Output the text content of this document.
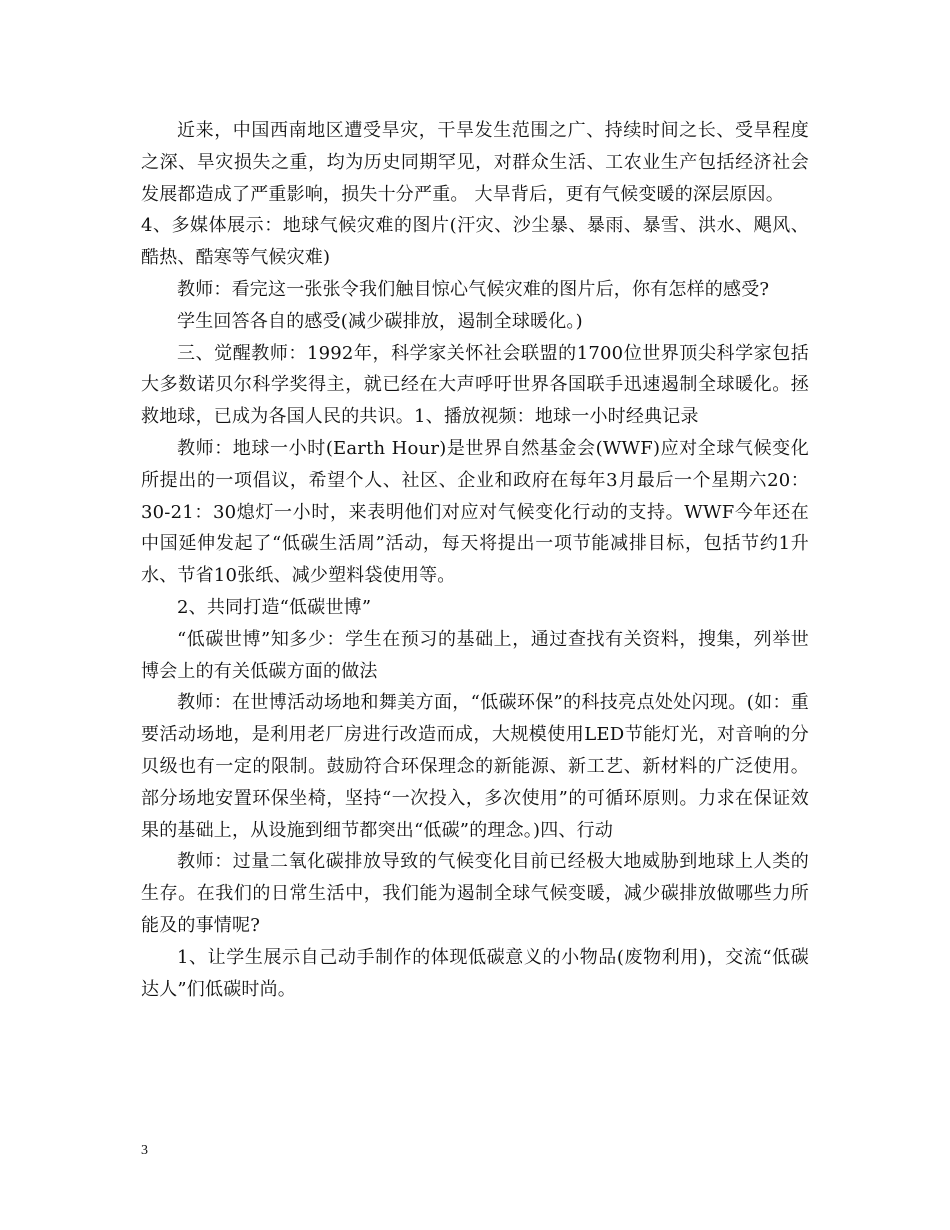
近来，中国西南地区遭受旱灾，干旱发生范围之广、持续时间之长、受旱程度之深、旱灾损失之重，均为历史同期罕见，对群众生活、工农业生产包括经济社会发展都造成了严重影响，损失十分严重。 大旱背后，更有气候变暖的深层原因。

4、多媒体展示：地球气候灾难的图片(汗灾、沙尘暴、暴雨、暴雪、洪水、飓风、酷热、酷寒等气候灾难)

教师：看完这一张张令我们触目惊心气候灾难的图片后，你有怎样的感受?

学生回答各自的感受(减少碳排放，遏制全球暖化。)

三、觉醒教师：1992年，科学家关怀社会联盟的1700位世界顶尖科学家包括大多数诺贝尔科学奖得主，就已经在大声呼吁世界各国联手迅速遏制全球暖化。拯救地球，已成为各国人民的共识。1、播放视频：地球一小时经典记录

教师：地球一小时(Earth Hour)是世界自然基金会(WWF)应对全球气候变化所提出的一项倡议，希望个人、社区、企业和政府在每年3月最后一个星期六20：30-21：30熄灯一小时，来表明他们对应对气候变化行动的支持。WWF今年还在中国延伸发起了“低碳生活周”活动，每天将提出一项节能减排目标，包括节约1升水、节省10张纸、减少塑料袋使用等。

2、共同打造“低碳世博”

“低碳世博”知多少：学生在预习的基础上，通过查找有关资料，搜集，列举世博会上的有关低碳方面的做法

教师：在世博活动场地和舞美方面，“低碳环保”的科技亮点处处闪现。(如：重要活动场地，是利用老厂房进行改造而成，大规模使用LED节能灯光，对音响的分贝级也有一定的限制。鼓励符合环保理念的新能源、新工艺、新材料的广泛使用。部分场地安置环保坐椅，坚持“一次投入，多次使用”的可循环原则。力求在保证效果的基础上，从设施到细节都突出“低碳”的理念。)四、行动

教师：过量二氧化碳排放导致的气候变化目前已经极大地威胁到地球上人类的生存。在我们的日常生活中，我们能为遏制全球气候变暖，减少碳排放做哪些力所能及的事情呢?

1、让学生展示自己动手制作的体现低碳意义的小物品(废物利用)，交流“低碳达人”们低碳时尚。

3
